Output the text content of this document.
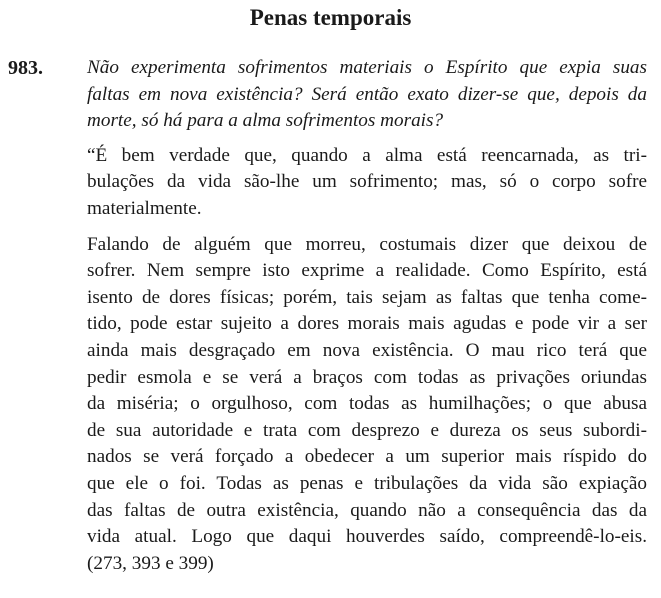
Penas temporais

983. Não experimenta sofrimentos materiais o Espírito que expia suas
faltas em nova existência? Será então exato dizer-se que, depois da
morte, só há para a alma sofrimentos morais?

“É bem verdade que, quando a alma está reencarnada, as tri-
bulações da vida são-lhe um sofrimento; mas, só o corpo sofre
materialmente.

Falando de alguém que morreu, costumais dizer que deixou de
sofrer. Nem sempre isto exprime a realidade. Como Espírito, está
isento de dores físicas; porém, tais sejam as faltas que tenha come-
tido, pode estar sujeito a dores morais mais agudas e pode vir a ser
ainda mais desgraçado em nova existência. O mau rico terá que
pedir esmola e se verá a braços com todas as privações oriundas
da miséria; o orgulhoso, com todas as humilhações; o que abusa
de sua autoridade e trata com desprezo e dureza os seus subordi-
nados se verá forçado a obedecer a um superior mais ríspido do
que ele o foi. Todas as penas e tribulações da vida são expiação
das faltas de outra existência, quando não a consequência das da
vida atual. Logo que daqui houverdes saído, compreendê-lo-eis.
(273, 393 e 399)
